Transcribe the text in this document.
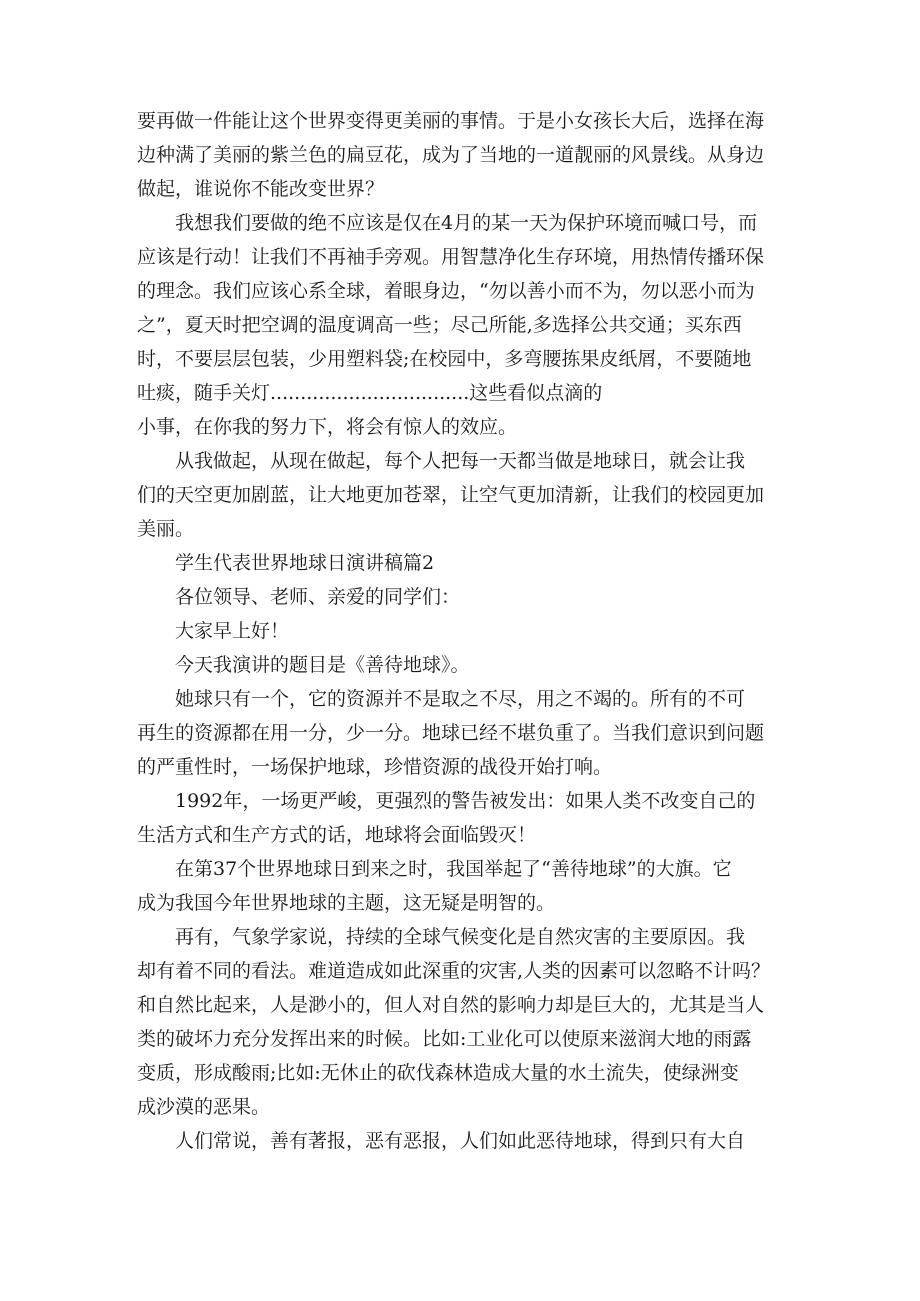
要再做一件能让这个世界变得更美丽的事情。于是小女孩长大后，选择在海
边种满了美丽的紫兰色的扁豆花，成为了当地的一道靓丽的风景线。从身边
做起，谁说你不能改变世界？
我想我们要做的绝不应该是仅在4月的某一天为保护环境而喊口号，而
应该是行动！让我们不再袖手旁观。用智慧净化生存环境，用热情传播环保
的理念。我们应该心系全球，着眼身边，“勿以善小而不为，勿以恶小而为
之”，夏天时把空调的温度调高一些；尽己所能,多选择公共交通；买东西
时，不要层层包装，少用塑料袋;在校园中，多弯腰拣果皮纸屑，不要随地
吐痰，随手关灯.................................这些看似点滴的
小事，在你我的努力下，将会有惊人的效应。
从我做起，从现在做起，每个人把每一天都当做是地球日，就会让我
们的天空更加剧蓝，让大地更加苍翠，让空气更加清新，让我们的校园更加
美丽。
学生代表世界地球日演讲稿篇2
各位领导、老师、亲爱的同学们：
大家早上好！
今天我演讲的题目是《善待地球》。
她球只有一个，它的资源并不是取之不尽，用之不竭的。所有的不可
再生的资源都在用一分，少一分。地球已经不堪负重了。当我们意识到问题
的严重性时，一场保护地球，珍惜资源的战役开始打响。
1992年，一场更严峻，更强烈的警告被发出：如果人类不改变自己的
生活方式和生产方式的话，地球将会面临毁灭！
在第37个世界地球日到来之时，我国举起了“善待地球”的大旗。它
成为我国今年世界地球的主题，这无疑是明智的。
再有，气象学家说，持续的全球气候变化是自然灾害的主要原因。我
却有着不同的看法。难道造成如此深重的灾害,人类的因素可以忽略不计吗？
和自然比起来，人是渺小的，但人对自然的影响力却是巨大的，尤其是当人
类的破坏力充分发挥出来的时候。比如:工业化可以使原来滋润大地的雨露
变质，形成酸雨;比如:无休止的砍伐森林造成大量的水土流失，使绿洲变
成沙漠的恶果。
人们常说，善有著报，恶有恶报，人们如此恶待地球，得到只有大自
